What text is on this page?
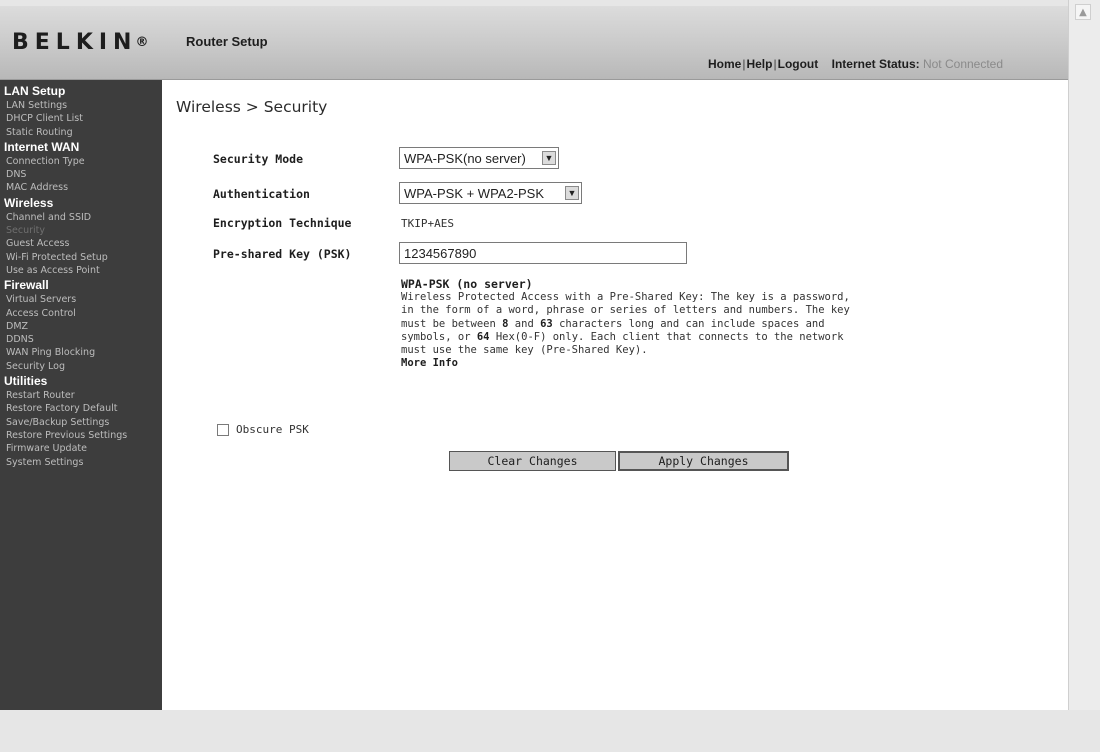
BELKIN®	Router Setup
Home|Help|Logout Internet Status: Not Connected
LAN Setup
LAN Settings
DHCP Client List
Static Routing
Internet WAN
Connection Type
DNS
MAC Address
Wireless
Channel and SSID
Security
Guest Access
Wi-Fi Protected Setup
Use as Access Point
Firewall
Virtual Servers
Access Control
DMZ
DDNS
WAN Ping Blocking
Security Log
Utilities
Restart Router
Restore Factory Default
Save/Backup Settings
Restore Previous Settings
Firmware Update
System Settings
Wireless > Security
Security Mode	WPA-PSK(no server) ▼
Authentication	WPA-PSK + WPA2-PSK	▼
Encryption Technique	TKIP+AES
Pre-shared Key (PSK)	1234567890
WPA-PSK (no server)
Wireless Protected Access with a Pre-Shared Key: The key is a password, in the form of a word, phrase or series of letters and numbers. The key must be between 8 and 63 characters long and can include spaces and symbols, or 64 Hex(0-F) only. Each client that connects to the network must use the same key (Pre-Shared Key).
More Info
Obscure PSK
Clear Changes	Apply Changes
▲
